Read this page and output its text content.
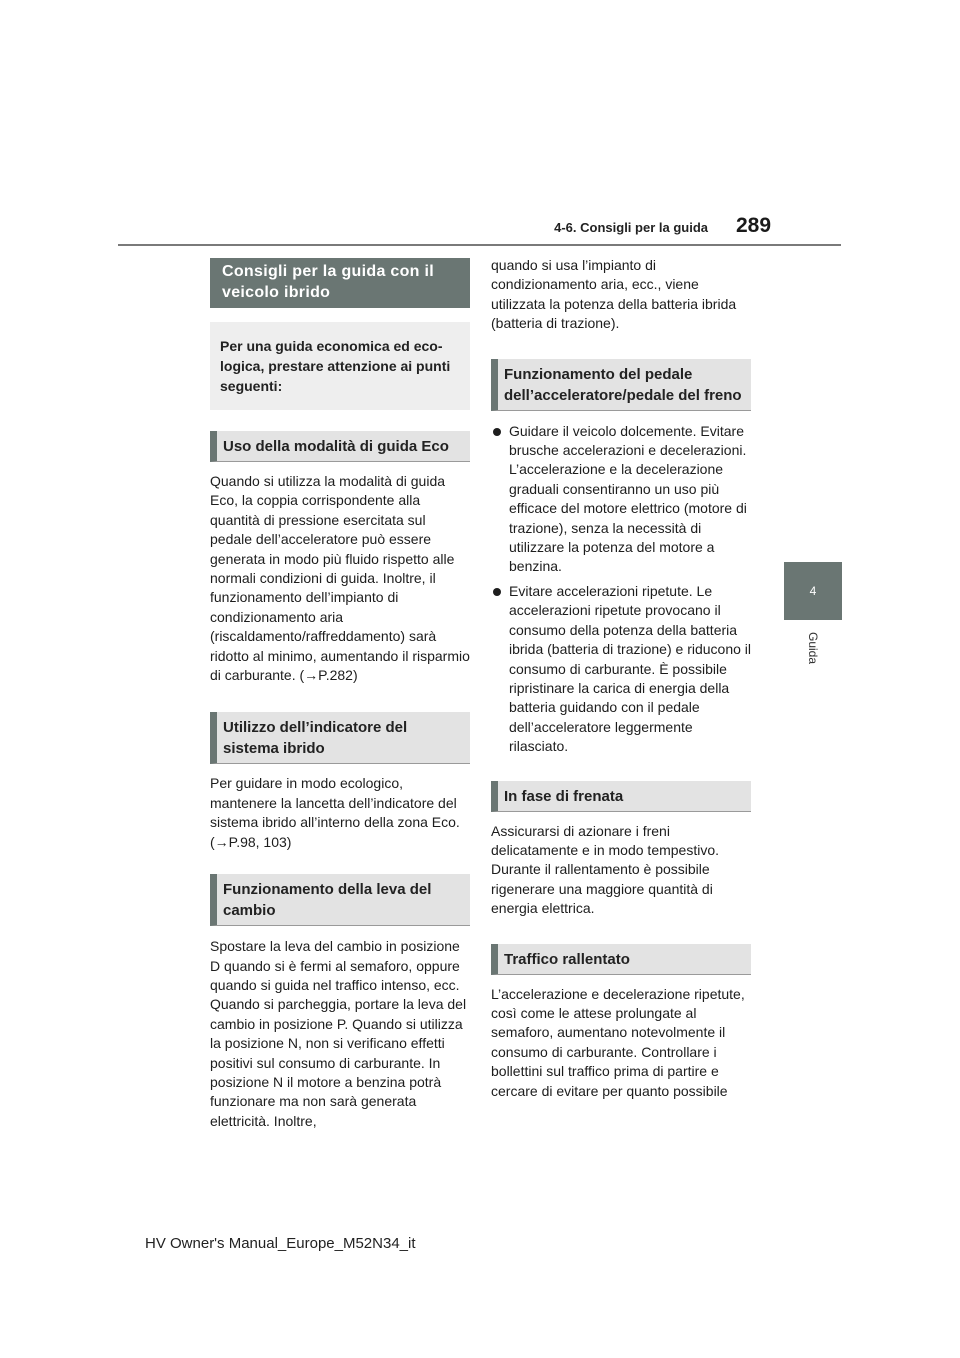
4-6. Consigli per la guida 289
4
Guida
Consigli per la guida con il veicolo ibrido
Per una guida economica ed eco-logica, prestare attenzione ai punti seguenti:
Uso della modalità di guida Eco

Quando si utilizza la modalità di guida Eco, la coppia corrispondente alla quantità di pressione esercitata sul pedale dell’acceleratore può essere generata in modo più fluido rispetto alle normali condizioni di guida. Inoltre, il funzionamento dell’impianto di condizionamento aria (riscaldamento/raffreddamento) sarà ridotto al minimo, aumentando il risparmio di carburante. (→P.282)

Utilizzo dell’indicatore del sistema ibrido

Per guidare in modo ecologico, mantenere la lancetta dell’indicatore del sistema ibrido all’interno della zona Eco. (→P.98, 103)

Funzionamento della leva del cambio

Spostare la leva del cambio in posizione D quando si è fermi al semaforo, oppure quando si guida nel traffico intenso, ecc. Quando si parcheggia, portare la leva del cambio in posizione P. Quando si utilizza la posizione N, non si verificano effetti positivi sul consumo di carburante. In posizione N il motore a benzina potrà funzionare ma non sarà generata elettricità. Inoltre,

quando si usa l’impianto di condizionamento aria, ecc., viene utilizzata la potenza della batteria ibrida (batteria di trazione).

Funzionamento del pedale dell’acceleratore/pedale del freno
Guidare il veicolo dolcemente. Evitare brusche accelerazioni e decelerazioni. L’accelerazione e la decelerazione graduali consentiranno un uso più efficace del motore elettrico (motore di trazione), senza la necessità di utilizzare la potenza del motore a benzina.
Evitare accelerazioni ripetute. Le accelerazioni ripetute provocano il consumo della potenza della batteria ibrida (batteria di trazione) e riducono il consumo di carburante. È possibile ripristinare la carica di energia della batteria guidando con il pedale dell’acceleratore leggermente rilasciato.
In fase di frenata

Assicurarsi di azionare i freni delicatamente e in modo tempestivo. Durante il rallentamento è possibile rigenerare una maggiore quantità di energia elettrica.

Traffico rallentato

L’accelerazione e decelerazione ripetute, così come le attese prolungate al semaforo, aumentano notevolmente il consumo di carburante. Controllare i bollettini sul traffico prima di partire e cercare di evitare per quanto possibile

HV Owner's Manual_Europe_M52N34_it
